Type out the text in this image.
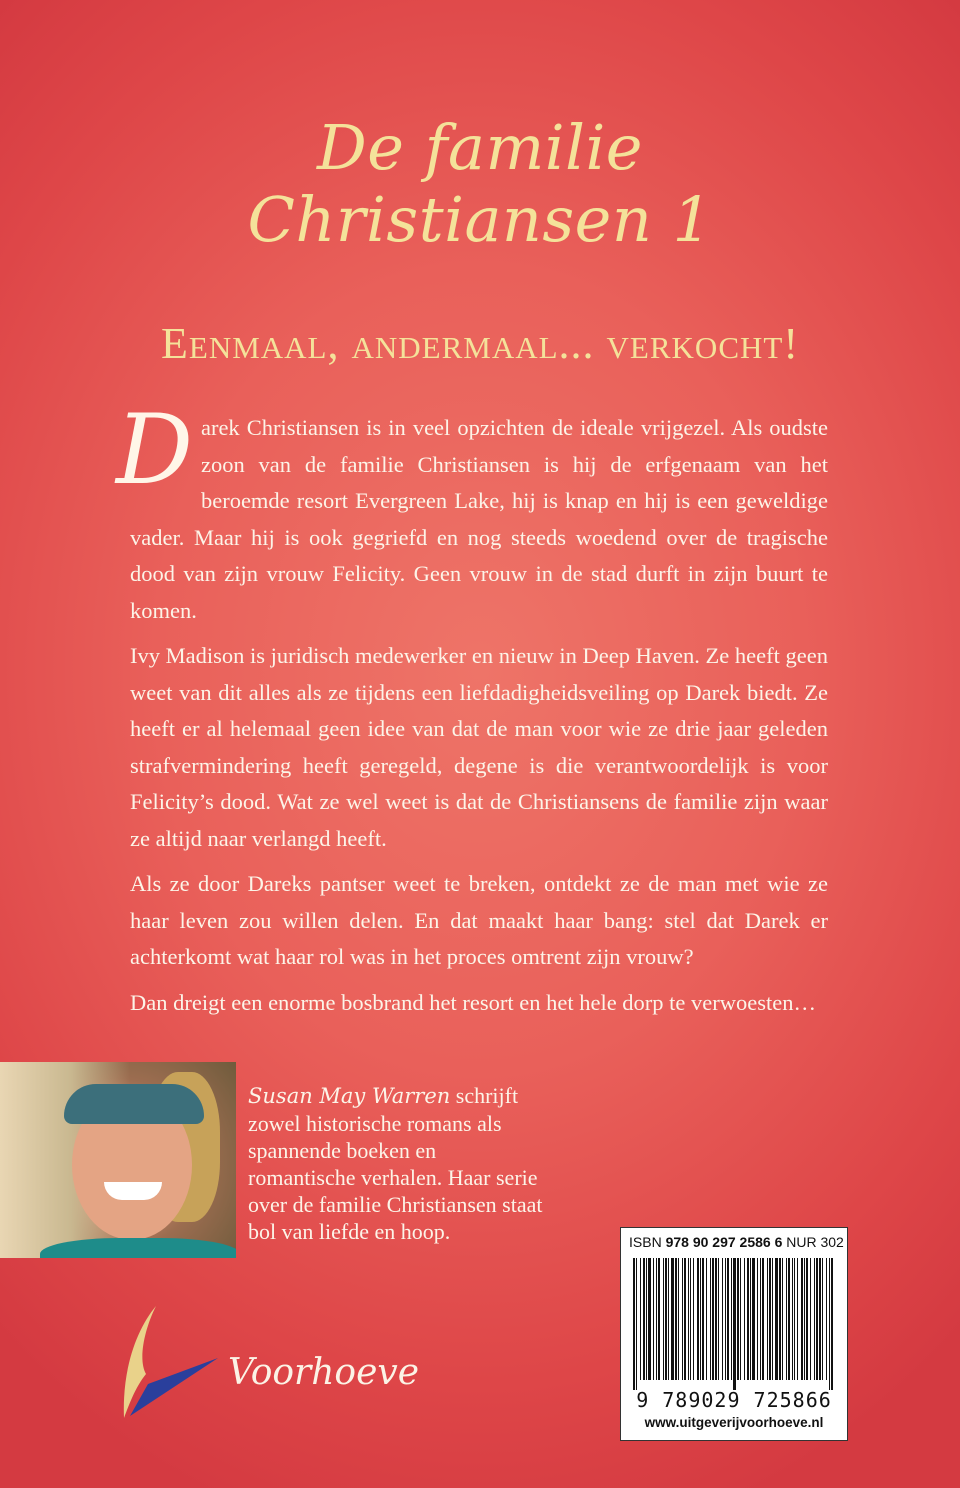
De familie
Christiansen 1
Eenmaal, andermaal... verkocht!

Darek Christiansen is in veel opzichten de ideale vrijgezel. Als oudste zoon van de familie Christiansen is hij de erfgenaam van het beroemde resort Evergreen Lake, hij is knap en hij is een geweldige vader. Maar hij is ook gegriefd en nog steeds woedend over de tragische dood van zijn vrouw Felicity. Geen vrouw in de stad durft in zijn buurt te komen.

Ivy Madison is juridisch medewerker en nieuw in Deep Haven. Ze heeft geen weet van dit alles als ze tijdens een liefdadigheidsveiling op Darek biedt. Ze heeft er al helemaal geen idee van dat de man voor wie ze drie jaar geleden strafvermindering heeft geregeld, degene is die verantwoordelijk is voor Felicity’s dood. Wat ze wel weet is dat de Christiansens de familie zijn waar ze altijd naar verlangd heeft.

Als ze door Dareks pantser weet te breken, ontdekt ze de man met wie ze haar leven zou willen delen. En dat maakt haar bang: stel dat Darek er achterkomt wat haar rol was in het proces omtrent zijn vrouw?

Dan dreigt een enorme bosbrand het resort en het hele dorp te verwoesten…

Susan May Warren schrijft zowel historische romans als spannende boeken en romantische verhalen. Haar serie over de familie Christiansen staat bol van liefde en hoop.
Voorhoeve
ISBN 978 90 297 2586 6 NUR 302
9 789029 725866
www.uitgeverijvoorhoeve.nl
